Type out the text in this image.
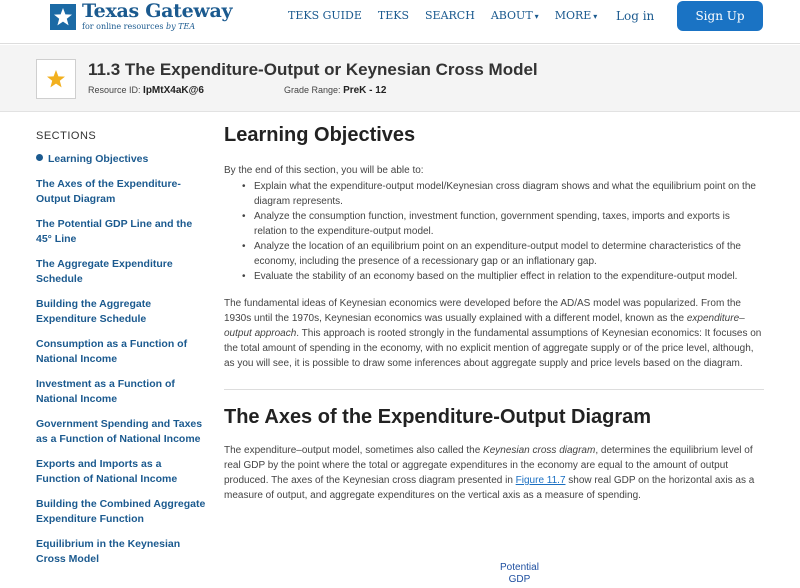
Texas Gateway
for online resources by TEA
TEKS GUIDE TEKS SEARCH ABOUT ▾ MORE ▾ Log in	Sign Up
11.3 The Expenditure-Output or Keynesian Cross Model
Resource ID: IpMtX4aK@6	Grade Range: PreK - 12
SECTIONS
Learning Objectives
The Axes of the Expenditure-Output Diagram
The Potential GDP Line and the 45° Line
The Aggregate Expenditure Schedule
Building the Aggregate Expenditure Schedule
Consumption as a Function of National Income
Investment as a Function of National Income
Government Spending and Taxes as a Function of National Income
Exports and Imports as a Function of National Income
Building the Combined Aggregate Expenditure Function
Equilibrium in the Keynesian Cross Model
Learning Objectives
By the end of this section, you will be able to:
• Explain what the expenditure-output model/Keynesian cross diagram shows and what the equilibrium point on the diagram represents.
• Analyze the consumption function, investment function, government spending, taxes, imports and exports is relation to the expenditure-output model.
• Analyze the location of an equilibrium point on an expenditure-output model to determine characteristics of the economy, including the presence of a recessionary gap or an inflationary gap.
• Evaluate the stability of an economy based on the multiplier effect in relation to the expenditure-output model.
The fundamental ideas of Keynesian economics were developed before the AD/AS model was popularized. From the 1930s until the 1970s, Keynesian economics was usually explained with a different model, known as the expenditure–output approach. This approach is rooted strongly in the fundamental assumptions of Keynesian economics: It focuses on the total amount of spending in the economy, with no explicit mention of aggregate supply or of the price level, although, as you will see, it is possible to draw some inferences about aggregate supply and price levels based on the diagram.
The Axes of the Expenditure-Output Diagram
The expenditure–output model, sometimes also called the Keynesian cross diagram, determines the equilibrium level of real GDP by the point where the total or aggregate expenditures in the economy are equal to the amount of output produced. The axes of the Keynesian cross diagram presented in Figure 11.7 show real GDP on the horizontal axis as a measure of output, and aggregate expenditures on the vertical axis as a measure of spending.
Potential
GDP
